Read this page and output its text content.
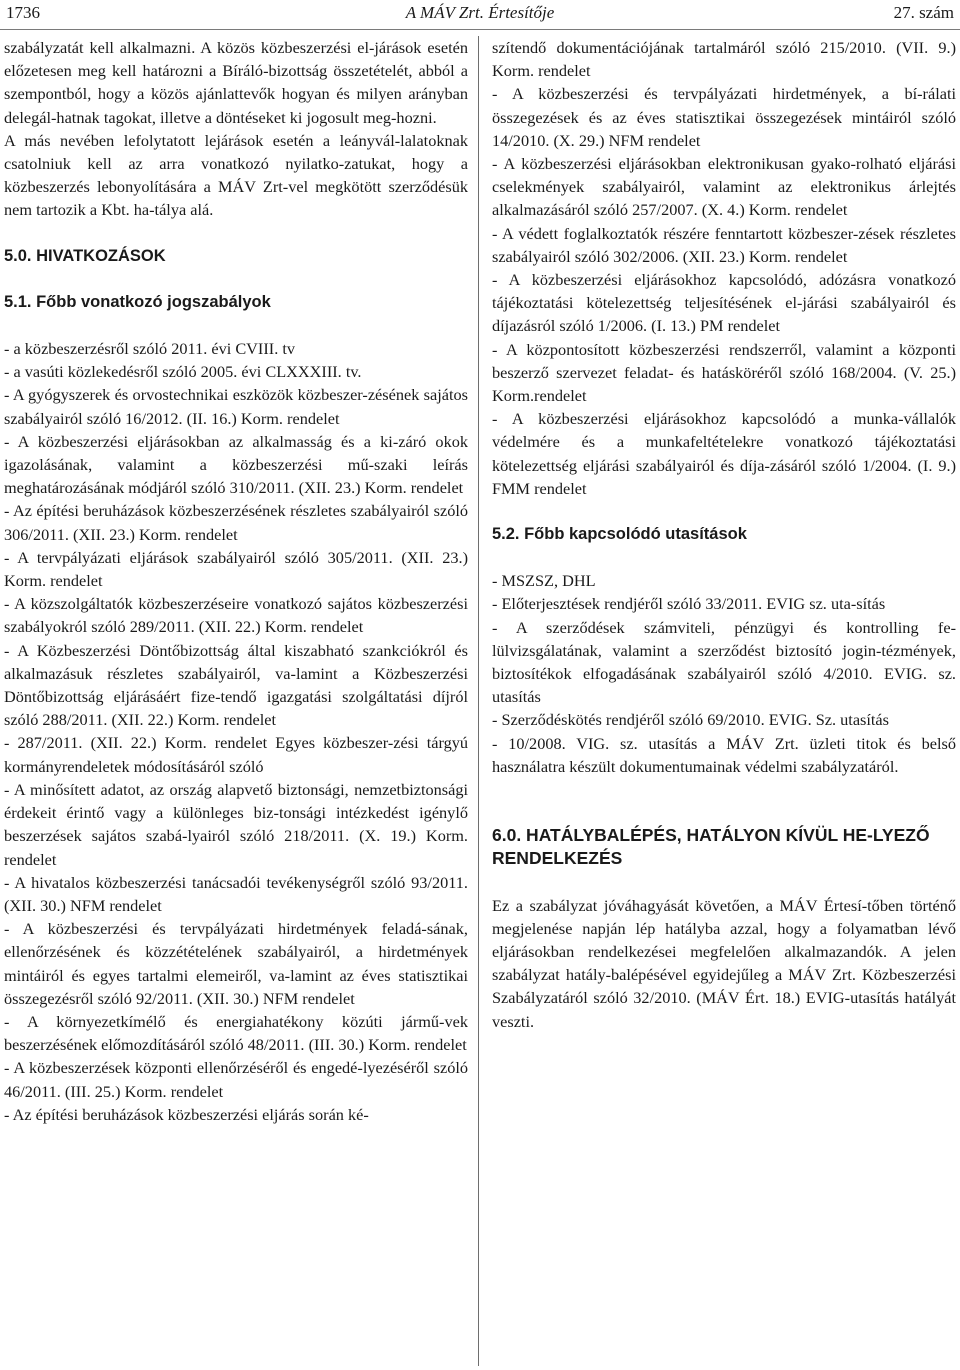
1736	A MÁV Zrt. Értesítője	27. szám

szabályzatát kell alkalmazni. A közös közbeszerzési el-járások esetén előzetesen meg kell határozni a Bíráló-bizottság összetételét, abból a szempontból, hogy a közös ajánlattevők hogyan és milyen arányban delegál-hatnak tagokat, illetve a döntéseket ki jogosult meg-hozni.

A más nevében lefolytatott lejárások esetén a leányvál-lalatoknak csatolniuk kell az arra vonatkozó nyilatko-zatukat, hogy a közbeszerzés lebonyolítására a MÁV Zrt-vel megkötött szerződésük nem tartozik a Kbt. ha-tálya alá.

5.0. HIVATKOZÁSOK

5.1. Főbb vonatkozó jogszabályok

- a közbeszerzésről szóló 2011. évi CVIII. tv

- a vasúti közlekedésről szóló 2005. évi CLXXXIII. tv.

- A gyógyszerek és orvostechnikai eszközök közbeszer-zésének sajátos szabályairól szóló 16/2012. (II. 16.) Korm. rendelet

- A közbeszerzési eljárásokban az alkalmasság és a ki-záró okok igazolásának, valamint a közbeszerzési mű-szaki leírás meghatározásának módjáról szóló 310/2011. (XII. 23.) Korm. rendelet

- Az építési beruházások közbeszerzésének részletes szabályairól szóló 306/2011. (XII. 23.) Korm. rendelet

- A tervpályázati eljárások szabályairól szóló 305/2011. (XII. 23.) Korm. rendelet

- A közszolgáltatók közbeszerzéseire vonatkozó sajátos közbeszerzési szabályokról szóló 289/2011. (XII. 22.) Korm. rendelet

- A Közbeszerzési Döntőbizottság által kiszabható szankciókról és alkalmazásuk részletes szabályairól, va-lamint a Közbeszerzési Döntőbizottság eljárásáért fize-tendő igazgatási szolgáltatási díjról szóló 288/2011. (XII. 22.) Korm. rendelet

- 287/2011. (XII. 22.) Korm. rendelet Egyes közbeszer-zési tárgyú kormányrendeletek módosításáról szóló

- A minősített adatot, az ország alapvető biztonsági, nemzetbiztonsági érdekeit érintő vagy a különleges biz-tonsági intézkedést igénylő beszerzések sajátos szabá-lyairól szóló 218/2011. (X. 19.) Korm. rendelet

- A hivatalos közbeszerzési tanácsadói tevékenységről szóló 93/2011. (XII. 30.) NFM rendelet

- A közbeszerzési és tervpályázati hirdetmények feladá-sának, ellenőrzésének és közzétételének szabályairól, a hirdetmények mintáiról és egyes tartalmi elemeiről, va-lamint az éves statisztikai összegezésről szóló 92/2011. (XII. 30.) NFM rendelet

- A környezetkímélő és energiahatékony közúti jármű-vek beszerzésének előmozdításáról szóló 48/2011. (III. 30.) Korm. rendelet

- A közbeszerzések központi ellenőrzéséről és engedé-lyezéséről szóló 46/2011. (III. 25.) Korm. rendelet

- Az építési beruházások közbeszerzési eljárás során ké-

szítendő dokumentációjának tartalmáról szóló 215/2010. (VII. 9.) Korm. rendelet

- A közbeszerzési és tervpályázati hirdetmények, a bí-rálati összegezések és az éves statisztikai összegezések mintáiról szóló 14/2010. (X. 29.) NFM rendelet

- A közbeszerzési eljárásokban elektronikusan gyako-rolható eljárási cselekmények szabályairól, valamint az elektronikus árlejtés alkalmazásáról szóló 257/2007. (X. 4.) Korm. rendelet

- A védett foglalkoztatók részére fenntartott közbeszer-zések részletes szabályairól szóló 302/2006. (XII. 23.) Korm. rendelet

- A közbeszerzési eljárásokhoz kapcsolódó, adózásra vonatkozó tájékoztatási kötelezettség teljesítésének el-járási szabályairól és díjazásról szóló 1/2006. (I. 13.) PM rendelet

- A központosított közbeszerzési rendszerről, valamint a központi beszerző szervezet feladat- és hatásköréről szóló 168/2004. (V. 25.) Korm.rendelet

- A közbeszerzési eljárásokhoz kapcsolódó a munka-vállalók védelmére és a munkafeltételekre vonatkozó tájékoztatási kötelezettség eljárási szabályairól és díja-zásáról szóló 1/2004. (I. 9.) FMM rendelet

5.2. Főbb kapcsolódó utasítások

- MSZSZ, DHL

- Előterjesztések rendjéről szóló 33/2011. EVIG sz. uta-sítás

- A szerződések számviteli, pénzügyi és kontrolling fe-lülvizsgálatának, valamint a szerződést biztosító jogin-tézmények, biztosítékok elfogadásának szabályairól szóló 4/2010. EVIG. sz. utasítás

- Szerződéskötés rendjéről szóló 69/2010. EVIG. Sz. utasítás

- 10/2008. VIG. sz. utasítás a MÁV Zrt. üzleti titok és belső használatra készült dokumentumainak védelmi szabályzatáról.

6.0. HATÁLYBALÉPÉS, HATÁLYON KÍVÜL HE-LYEZŐ RENDELKEZÉS

Ez a szabályzat jóváhagyását követően, a MÁV Értesí-tőben történő megjelenése napján lép hatályba azzal, hogy a folyamatban lévő eljárásokban rendelkezései megfelelően alkalmazandók. A jelen szabályzat hatály-balépésével egyidejűleg a MÁV Zrt. Közbeszerzési Szabályzatáról szóló 32/2010. (MÁV Ért. 18.) EVIG-utasítás hatályát veszti.
